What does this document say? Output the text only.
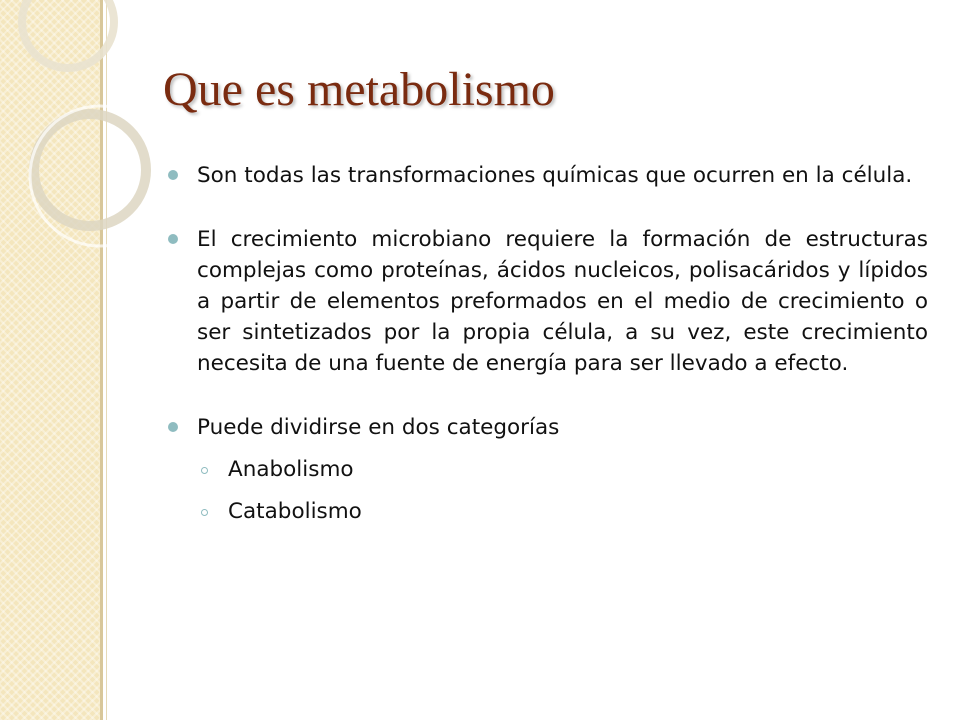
Que es metabolismo
Son todas las transformaciones químicas que ocurren en la célula.
El crecimiento microbiano requiere la formación de estructuras complejas como proteínas, ácidos nucleicos, polisacáridos y lípidos a partir de elementos preformados en el medio de crecimiento o ser sintetizados por la propia célula, a su vez, este crecimiento necesita de una fuente de energía para ser llevado a efecto.
Puede dividirse en dos categorías
Anabolismo
Catabolismo
